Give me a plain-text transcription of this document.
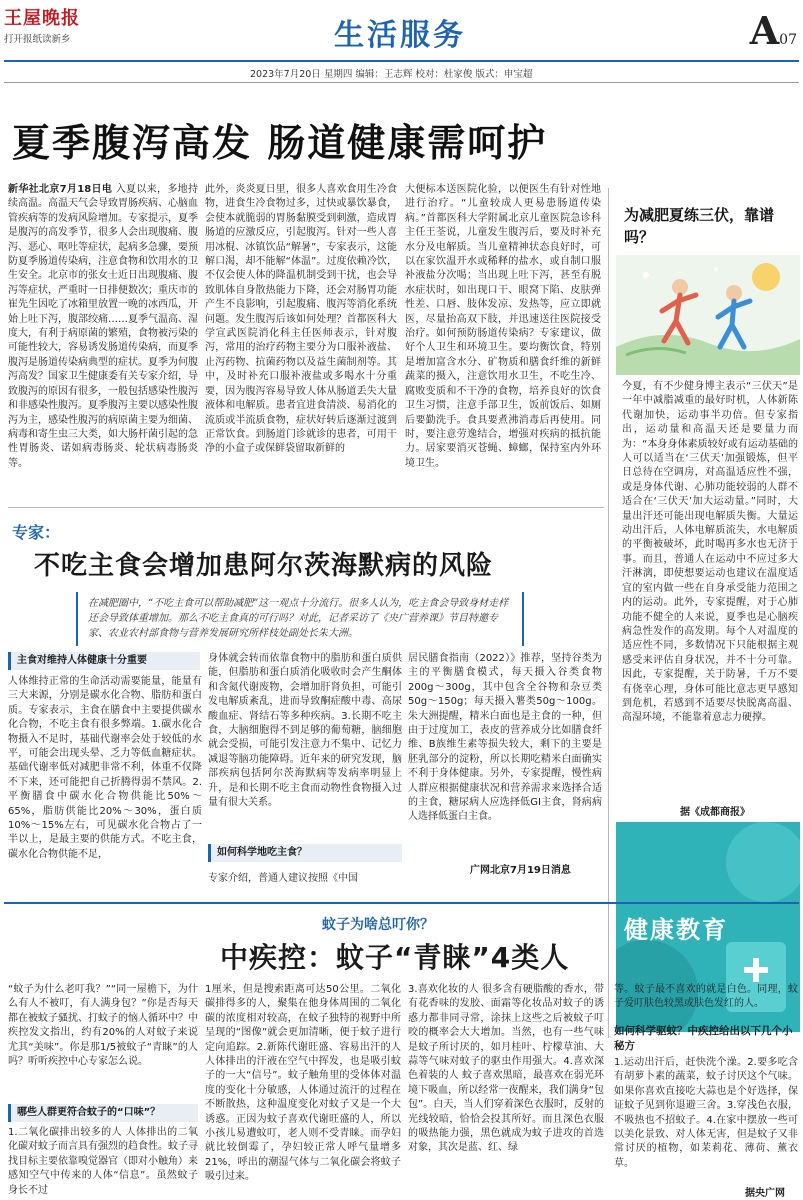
王屋晚报
打开报纸读新乡	生活服务	A07
2023年7月20日 星期四 编辑：王志辉 校对：杜家俊 版式：申宝超
夏季腹泻高发 肠道健康需呵护
新华社北京7月18日电 入夏以来，多地持续高温。高温天气会导致胃肠疾病、心脑血管疾病等的发病风险增加。专家提示，夏季是腹泻的高发季节，很多人会出现腹痛、腹泻、恶心、呕吐等症状，起病多急骤，要预防夏季肠道传染病，注意食物和饮用水的卫生安全。北京市的张女士近日出现腹痛、腹泻等症状，严重时一日排便数次；重庆市的崔先生因吃了冰箱里放置一晚的冰西瓜，开始上吐下泻，腹部绞痛……夏季气温高、湿度大，有利于病原菌的繁殖，食物被污染的可能性较大，容易诱发肠道传染病，而夏季腹泻是肠道传染病典型的症状。夏季为何腹泻高发？国家卫生健康委有关专家介绍，导致腹泻的原因有很多，一般包括感染性腹泻和非感染性腹泻。夏季腹泻主要以感染性腹泻为主，感染性腹泻的病原菌主要为细菌、病毒和寄生虫三大类，如大肠杆菌引起的急性胃肠炎、诺如病毒肠炎、轮状病毒肠炎等。
此外，炎炎夏日里，很多人喜欢食用生冷食物，进食生冷食物过多，过快或暴饮暴食，会使本就脆弱的胃肠黏膜受到刺激，造成胃肠道的应激反应，引起腹泻。针对一些人喜用冰棍、冰镇饮品“解暑”，专家表示，这能解口渴，却不能解“体温”。过度依赖冷饮，不仅会使人体的降温机制受到干扰，也会导致肌体自身散热能力下降，还会对肠胃功能产生不良影响，引起腹痛、腹泻等消化系统问题。发生腹泻后该如何处理？首都医科大学宣武医院消化科主任医师表示，针对腹泻，常用的治疗药物主要分为口服补液盐、止泻药物、抗菌药物以及益生菌制剂等。其中，及时补充口服补液盐或多喝水十分重要，因为腹泻容易导致人体从肠道丢失大量液体和电解质。患者宜进食清淡、易消化的流质或半流质食物，症状好转后逐渐过渡到正常饮食。到肠道门诊就诊的患者，可用干净的小盒子或保鲜袋留取新鲜的
大便标本送医院化验，以便医生有针对性地进行治疗。“儿童较成人更易患肠道传染病。”首都医科大学附属北京儿童医院急诊科主任王荃说，儿童发生腹泻后，要及时补充水分及电解质。当儿童精神状态良好时，可以在家饮温开水或稀释的盐水，或自制口服补液盐分次喝；当出现上吐下泻，甚至有脱水症状时，如出现口干、眼窝下陷、皮肤弹性差、口唇、肢体发凉、发热等，应立即就医，尽量抬高双下肢，并迅速送往医院接受治疗。如何预防肠道传染病？专家建议，做好个人卫生和环境卫生。要均衡饮食，特别是增加富含水分、矿物质和膳食纤维的新鲜蔬菜的摄入，注意饮用水卫生，不吃生冷、腐败变质和不干净的食物，培养良好的饮食卫生习惯，注意手部卫生，饭前饭后、如厕后要勤洗手。食具要煮沸消毒后再使用。同时，要注意劳逸结合，增强对疾病的抵抗能力。居家要消灭苍蝇、蟑螂，保持室内外环境卫生。
为减肥夏练三伏，靠谱吗？
今夏，有不少健身博主表示“三伏天”是一年中减脂减重的最好时机，人体新陈代谢加快，运动事半功倍。但专家指出，运动量和高温天还是要量力而为：“本身身体素质较好或有运动基础的人可以适当在‘三伏天’加强锻炼，但平日总待在空调房，对高温适应性不强，或是身体代谢、心肺功能较弱的人群不适合在‘三伏天’加大运动量。”同时，大量出汗还可能出现电解质失衡。大量运动出汗后，人体电解质流失，水电解质的平衡被破坏，此时喝再多水也无济于事。而且，普通人在运动中不应过多大汗淋漓，即使想要运动也建议在温度适宜的室内做一些在自身承受能力范围之内的运动。此外，专家提醒，对于心肺功能不健全的人来说，夏季也是心脑疾病急性发作的高发期。每个人对温度的适应性不同，多数情况下只能根据主观感受来评估自身状况，并不十分可靠。因此，专家提醒，关于防暑，千万不要有侥幸心理，身体可能比意志更早感知到危机，若感到不适要尽快脱离高温、高湿环境，不能靠着意志力硬撑。
据《成都商报》
健康教育
专家：
不吃主食会增加患阿尔茨海默病的风险
在减肥圈中，“不吃主食可以帮助减肥”这一观点十分流行。很多人认为，吃主食会导致身材走样还会导致体重增加。那么不吃主食真的可行吗？对此，记者采访了《央广营养课》节目特邀专家、农业农村部食物与营养发展研究所样枝处副处长朱大洲。
主食对维持人体健康十分重要
人体维持正常的生命活动需要能量，能量有三大来源，分别是碳水化合物、脂肪和蛋白质。专家表示，主食在膳食中主要提供碳水化合物，不吃主食有很多弊端。1.碳水化合物摄入不足时，基础代谢率会处于较低的水平，可能会出现头晕、乏力等低血糖症状。基础代谢率低对减肥非常不利，体重不仅降不下来，还可能把自己折腾得弱不禁风。2.平衡膳食中碳水化合物供能比50%～65%，脂肪供能比20%～30%，蛋白质10%～15%左右，可见碳水化合物占了一半以上，是最主要的供能方式。不吃主食，碳水化合物供能不足，
身体就会转而依靠食物中的脂肪和蛋白质供能，但脂肪和蛋白质消化吸收时会产生酮体和含氮代谢废物，会增加肝肾负担，可能引发电解质紊乱，进而导致酮症酸中毒、高尿酸血症、肾结石等多种疾病。3.长期不吃主食，大脑细胞得不到足够的葡萄糖，脑细胞就会受损，可能引发注意力不集中、记忆力减退等脑功能障碍。近年来的研究发现，脑部疾病包括阿尔茨海默病等发病率明显上升，是和长期不吃主食而动物性食物摄入过量有很大关系。
如何科学地吃主食？
专家介绍，普通人建议按照《中国
居民膳食指南（2022）》推荐，坚持谷类为主的平衡膳食模式，每天摄入谷类食物200g～300g，其中包含全谷物和杂豆类50g～150g；每天摄入薯类50g～100g。朱大洲提醒，精米白面也是主食的一种，但由于过度加工，表皮的营养成分比如膳食纤维、B族维生素等损失较大，剩下的主要是胚乳部分的淀粉，所以长期吃精米白面确实不利于身体健康。另外，专家提醒，慢性病人群应根据健康状况和营养需求来选择合适的主食，糖尿病人应选择低GI主食，肾病病人选择低蛋白主食。
广网北京7月19日消息
蚊子为啥总叮你？
中疾控：蚊子“青睐”4类人
“蚊子为什么老叮我？”“同一屋檐下，为什么有人不被叮，有人满身包？”你是否每天都在被蚊子骚扰、打蚊子的恼人循环中？中疾控发文指出，约有20%的人对蚊子来说尤其“美味”。你是那1/5被蚊子“青睐”的人吗？听听疾控中心专家怎么说。
哪些人群更符合蚊子的“口味”？
1.二氧化碳排出较多的人 人体排出的二氧化碳对蚊子而言具有强烈的趋食性。蚊子寻找目标主要依靠嗅觉器官（即对小触角）来感知空气中传来的人体“信息”。虽然蚊子身长不过
1厘米，但是搜索距离可达50公里。二氧化碳排得多的人，聚集在他身体周围的二氧化碳的浓度相对较高，在蚊子独特的视野中所呈现的“图像”就会更加清晰，便于蚊子进行定向追踪。2.新陈代谢旺盛、容易出汗的人 人体排出的汗液在空气中挥发，也是吸引蚊子的一大“信号”。蚊子触角里的受体体对温度的变化十分敏感，人体通过流汗的过程在不断散热，这种温度变化对蚊子又是一个大诱惑。正因为蚊子喜欢代谢旺盛的人，所以小孩儿易遭蚊叮，老人则不受青睐。而孕妇就比较倒霉了，孕妇较正常人呼气量增多21%，呼出的潮湿气体与二氧化碳会将蚊子吸引过来。
3.喜欢化妆的人 很多含有硬脂酸的香水，带有花香味的发胶、面霜等化妆品对蚊子的诱惑力都非同寻常，涂抹上这些之后被蚊子叮咬的概率会大大增加。当然，也有一些气味是蚊子所讨厌的，如月桂叶、柠檬草油、大蒜等气味对蚊子的驱虫作用强大。4.喜欢深色着装的人 蚊子喜欢黑暗，最喜欢在弱光环境下吸血，所以经常一夜醒来，我们满身“包包”。白天，当人们穿着深色衣服时，反射的光线较暗，恰恰会投其所好。而且深色衣服的吸热能力强，黑色就成为蚊子进攻的首选对象，其次是蓝、红、绿
等。蚊子最不喜欢的就是白色。同理，蚊子爱叮肤色较黑或肤色发红的人。
如何科学驱蚊？中疾控给出以下几个小秘方
1.运动出汗后，赶快洗个澡。2.要多吃含有胡萝卜素的蔬菜，蚊子讨厌这个气味。如果你喜欢直接吃大蒜也是个好选择，保证蚊子见到你退避三舍。3.穿浅色衣服，不吸热也不招蚊子。4.在家中摆放一些可以美化景致、对人体无害，但是蚊子又非常讨厌的植物，如茉莉花、薄荷、薰衣草。
据央广网
